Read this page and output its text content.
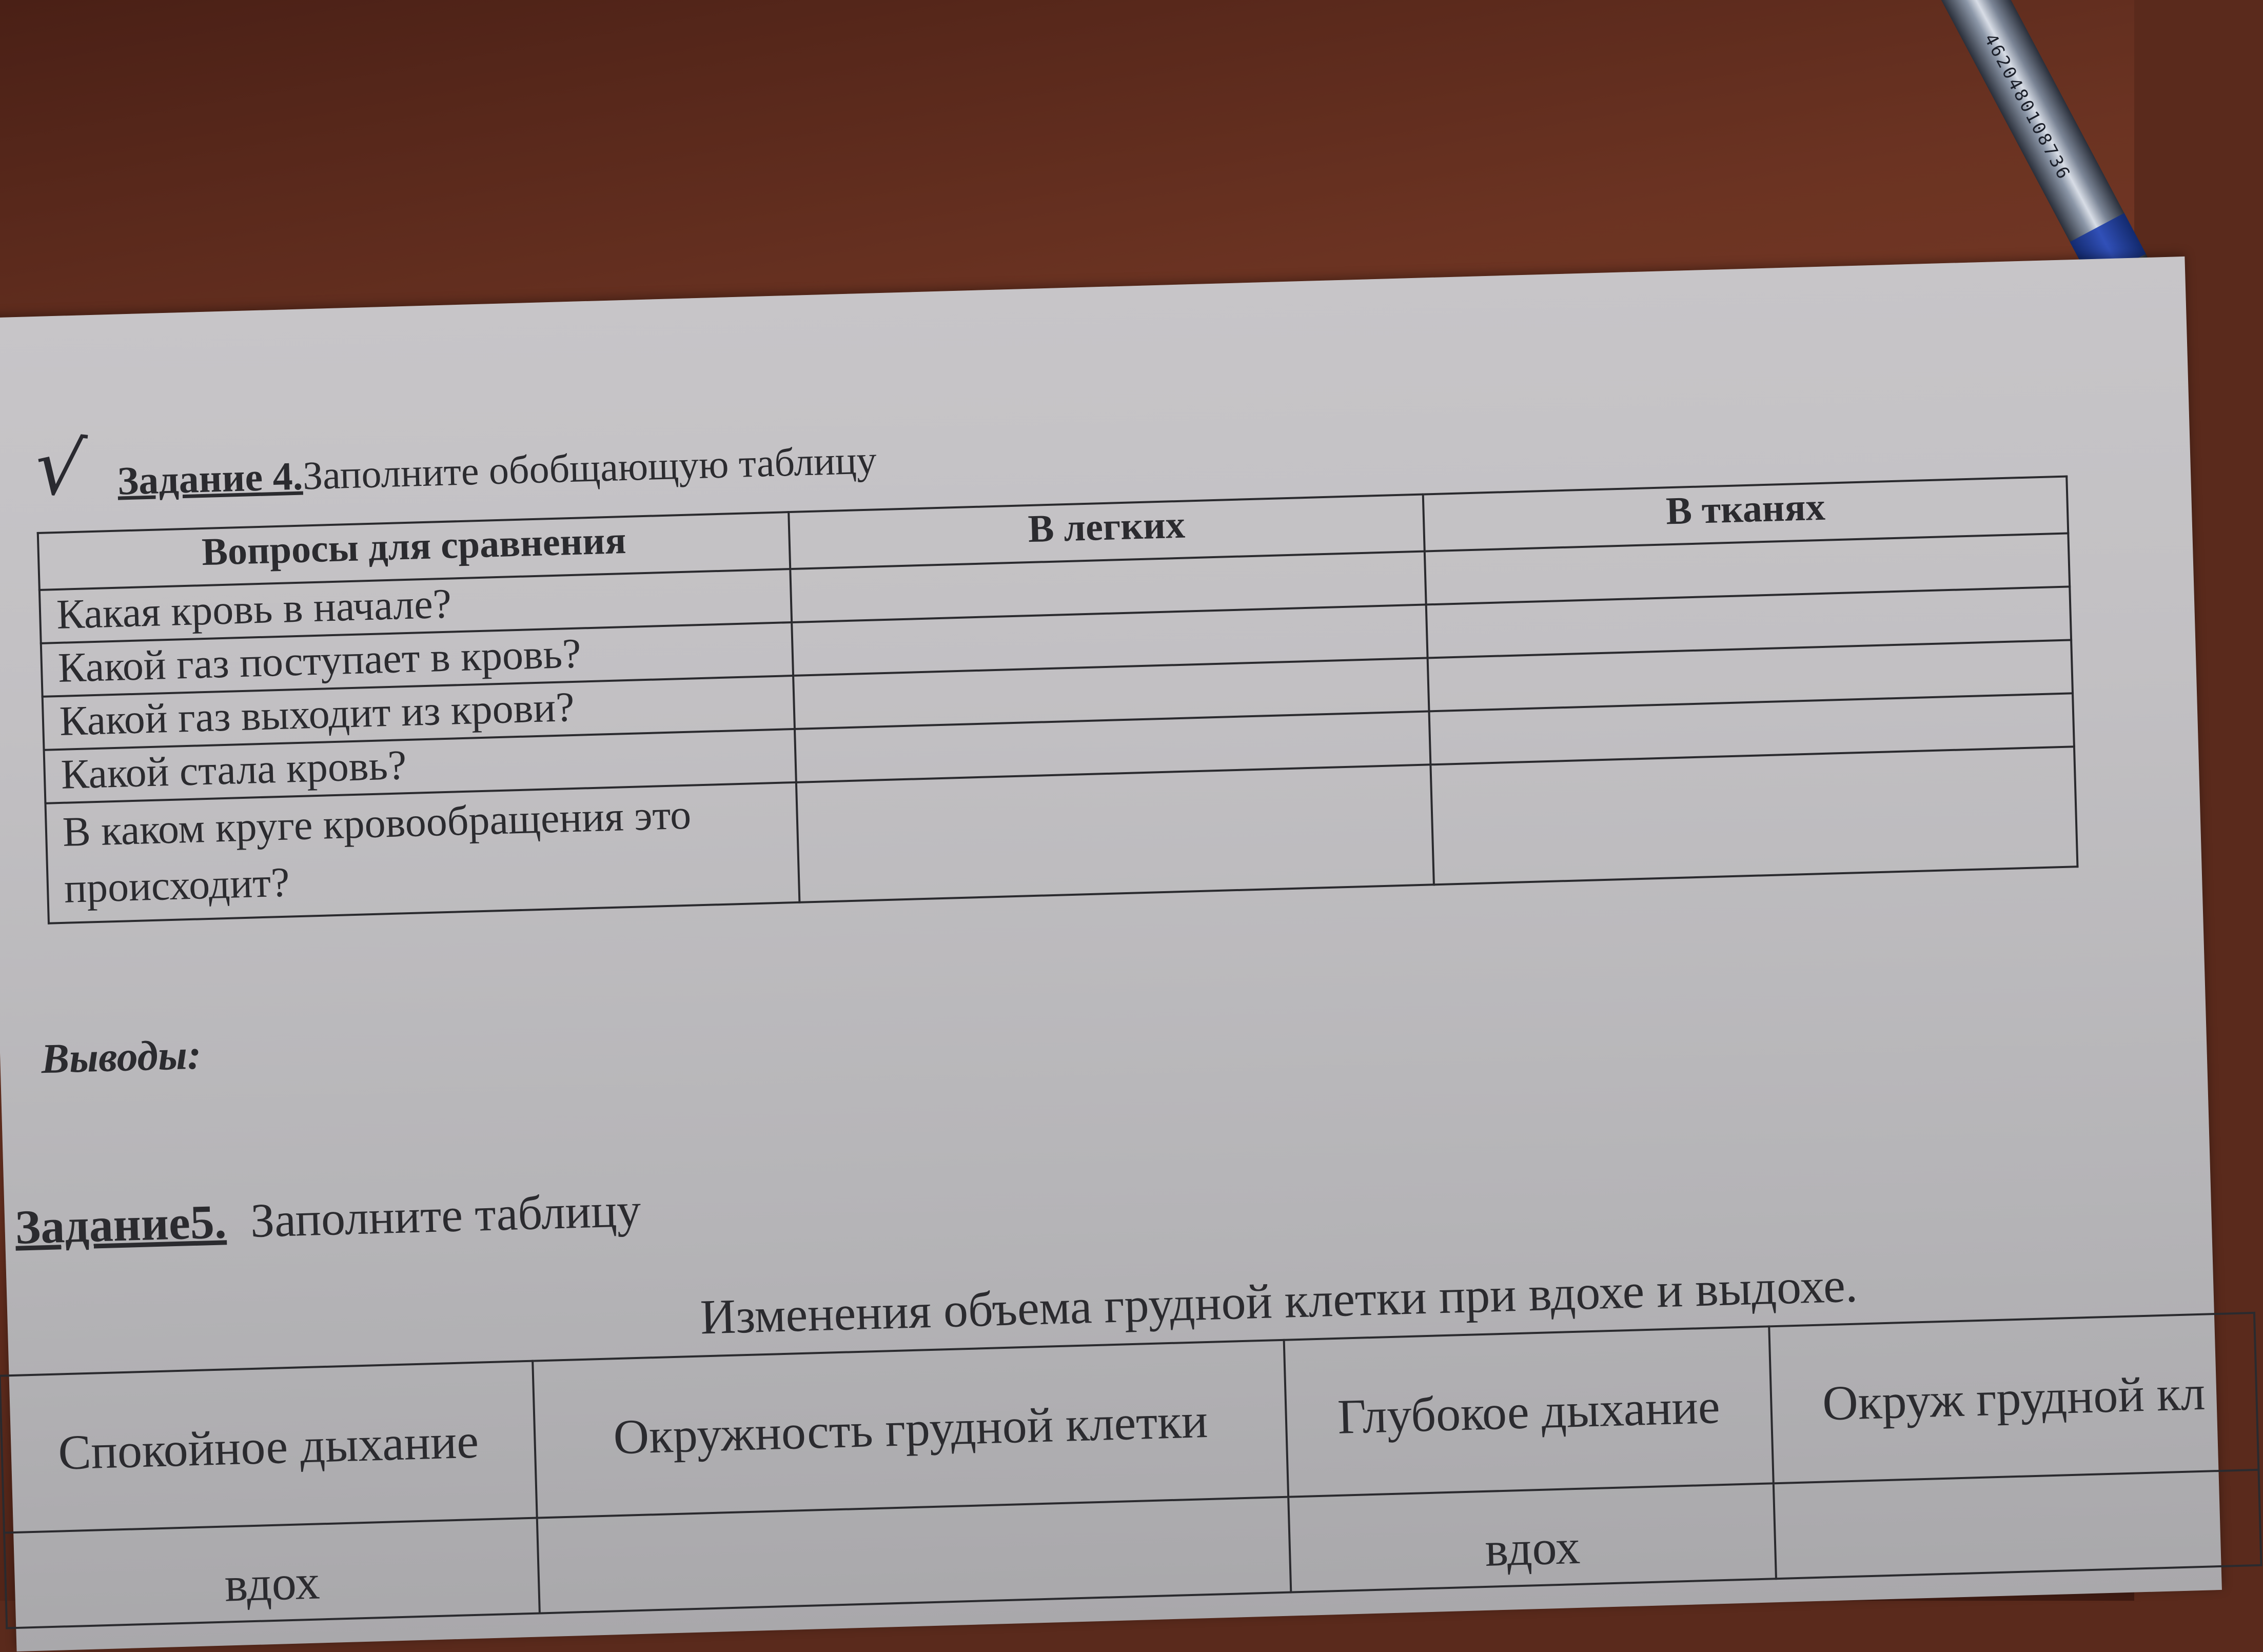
4620480108736
√ Задание 4.Заполните обобщающую таблицу
Вопросы для сравнения	В легких	В тканях
Какая кровь в начале?		
Какой газ поступает в кровь?		
Какой газ выходит из крови?		
Какой стала кровь?		
В каком круге кровообращения это происходит?		
Выводы:

Задание5. Заполните таблицу
Изменения объема грудной клетки при вдохе и выдохе.
Спокойное дыхание	Окружность грудной клетки	Глубокое дыхание	Окруж грудной кл
вдох		вдох	
